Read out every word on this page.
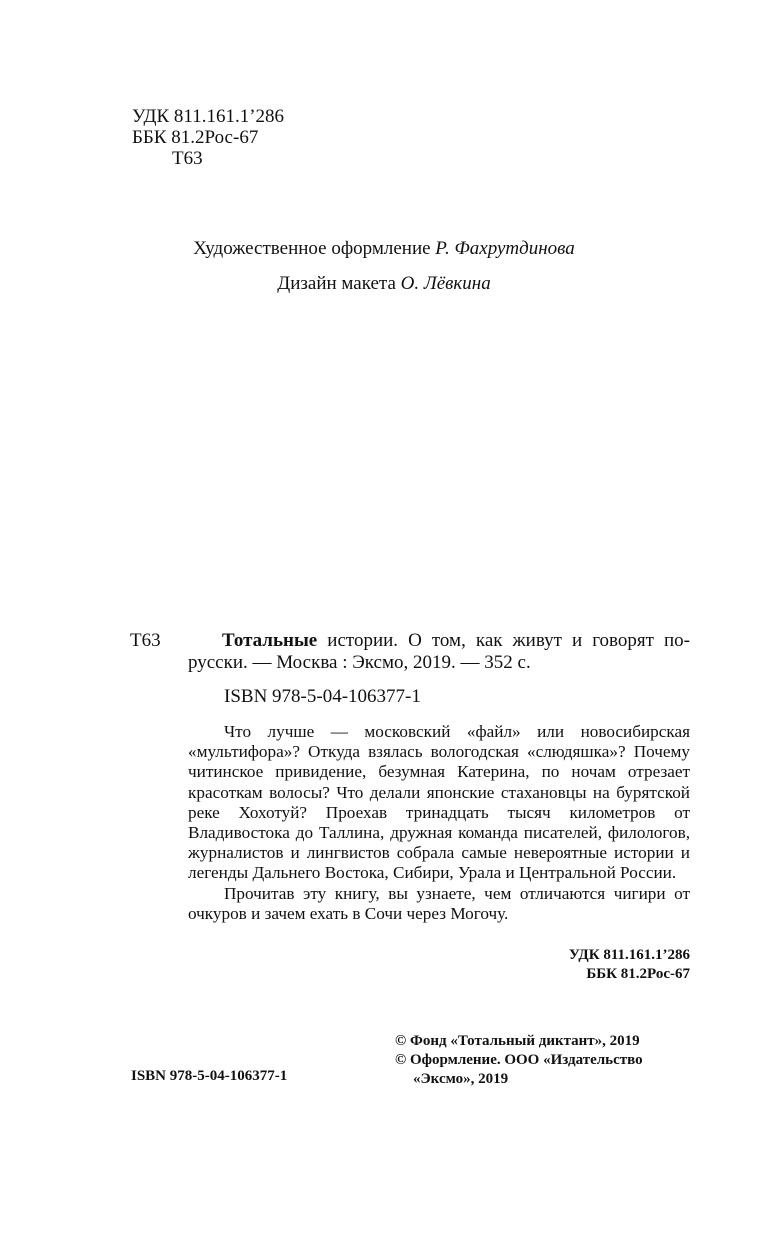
УДК 811.161.1’286
ББК 81.2Рос-67
Т63
Художественное оформление Р. Фахрутдинова
Дизайн макета О. Лёвкина
Т63	Тотальные истории. О том, как живут и говорят по-русски. — Москва : Эксмо, 2019. — 352 с.
ISBN 978-5-04-106377-1

Что лучше — московский «файл» или новосибирская «мультифора»? Откуда взялась вологодская «слюдяшка»? Почему читинское привидение, безумная Катерина, по ночам отрезает красоткам волосы? Что делали японские стахановцы на бурятской реке Хохотуй? Проехав тринадцать тысяч километров от Владивостока до Таллина, дружная команда писателей, филологов, журналистов и лингвистов собрала самые невероятные истории и легенды Дальнего Востока, Сибири, Урала и Центральной России.

Прочитав эту книгу, вы узнаете, чем отличаются чигири от очкуров и зачем ехать в Сочи через Могочу.

УДК 811.161.1’286
ББК 81.2Рос-67
© Фонд «Тотальный диктант», 2019
© Оформление. ООО «Издательство
«Эксмо», 2019
ISBN 978-5-04-106377-1
